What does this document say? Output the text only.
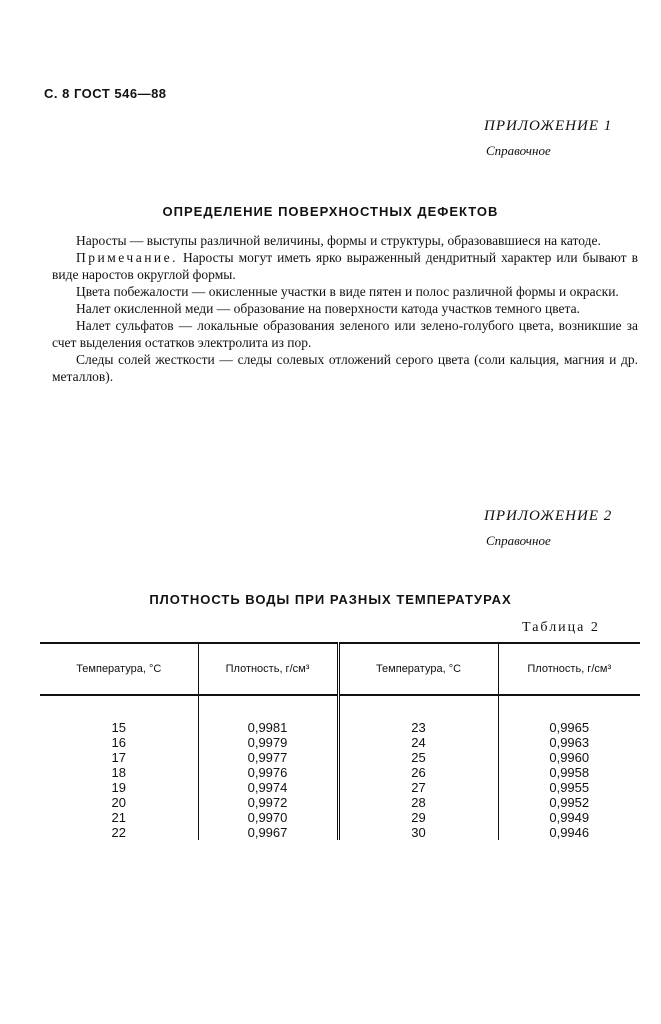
С. 8 ГОСТ 546—88
ПРИЛОЖЕНИЕ 1
Справочное
ОПРЕДЕЛЕНИЕ ПОВЕРХНОСТНЫХ ДЕФЕКТОВ

Наросты — выступы различной величины, формы и структуры, образовавшиеся на катоде.

Примечание. Наросты могут иметь ярко выраженный дендритный характер или бывают в виде наростов округлой формы.

Цвета побежалости — окисленные участки в виде пятен и полос различной формы и окраски.

Налет окисленной меди — образование на поверхности катода участков темного цвета.

Налет сульфатов — локальные образования зеленого или зелено-голубого цвета, возникшие за счет выделения остатков электролита из пор.

Следы солей жесткости — следы солевых отложений серого цвета (соли кальция, магния и др. металлов).

ПРИЛОЖЕНИЕ 2
Справочное
ПЛОТНОСТЬ ВОДЫ ПРИ РАЗНЫХ ТЕМПЕРАТУРАХ
Таблица 2
Температура, °С	Плотность, г/см³	Температура, °С	Плотность, г/см³
15	0,9981	23	0,9965
16	0,9979	24	0,9963
17	0,9977	25	0,9960
18	0,9976	26	0,9958
19	0,9974	27	0,9955
20	0,9972	28	0,9952
21	0,9970	29	0,9949
22	0,9967	30	0,9946
